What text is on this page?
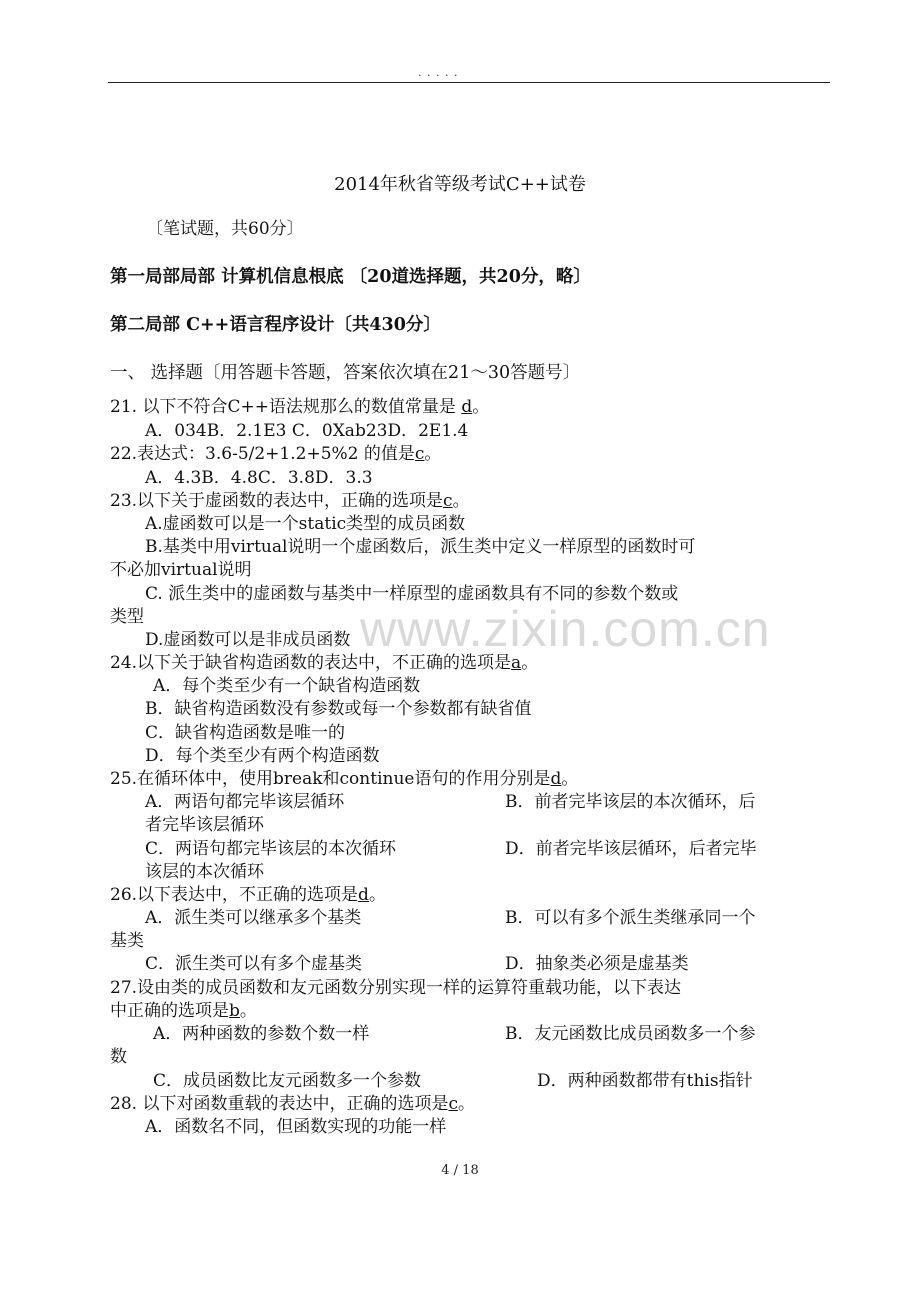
. . . . .
www.zixin.com.cn
2014年秋省等级考试C++试卷
〔笔试题，共60分〕
第一局部局部 计算机信息根底 〔20道选择题，共20分，略〕
第二局部 C++语言程序设计〔共430分〕
一、 选择题〔用答题卡答题，答案依次填在21～30答题号〕
21. 以下不符合C++语法规那么的数值常量是 d。
A．034B．2.1E3 C．0Xab23D．2E1.4
22.表达式：3.6-5/2+1.2+5%2 的值是c。
A．4.3B．4.8C．3.8D．3.3
23.以下关于虚函数的表达中，正确的选项是c。
A.虚函数可以是一个static类型的成员函数
B.基类中用virtual说明一个虚函数后，派生类中定义一样原型的函数时可
不必加virtual说明
C. 派生类中的虚函数与基类中一样原型的虚函数具有不同的参数个数或
类型
D.虚函数可以是非成员函数
24.以下关于缺省构造函数的表达中，不正确的选项是a。
A．每个类至少有一个缺省构造函数
B．缺省构造函数没有参数或每一个参数都有缺省值
C．缺省构造函数是唯一的
D．每个类至少有两个构造函数
25.在循环体中，使用break和continue语句的作用分别是d。
A．两语句都完毕该层循环	B．前者完毕该层的本次循环，后
者完毕该层循环
C．两语句都完毕该层的本次循环	D．前者完毕该层循环，后者完毕
该层的本次循环
26.以下表达中，不正确的选项是d。
A．派生类可以继承多个基类	B．可以有多个派生类继承同一个
基类
C．派生类可以有多个虚基类	D．抽象类必须是虚基类
27.设由类的成员函数和友元函数分别实现一样的运算符重载功能，以下表达
中正确的选项是b。
A．两种函数的参数个数一样	B．友元函数比成员函数多一个参
数
C．成员函数比友元函数多一个参数	D．两种函数都带有this指针
28. 以下对函数重载的表达中，正确的选项是c。
A．函数名不同，但函数实现的功能一样
4 / 18
